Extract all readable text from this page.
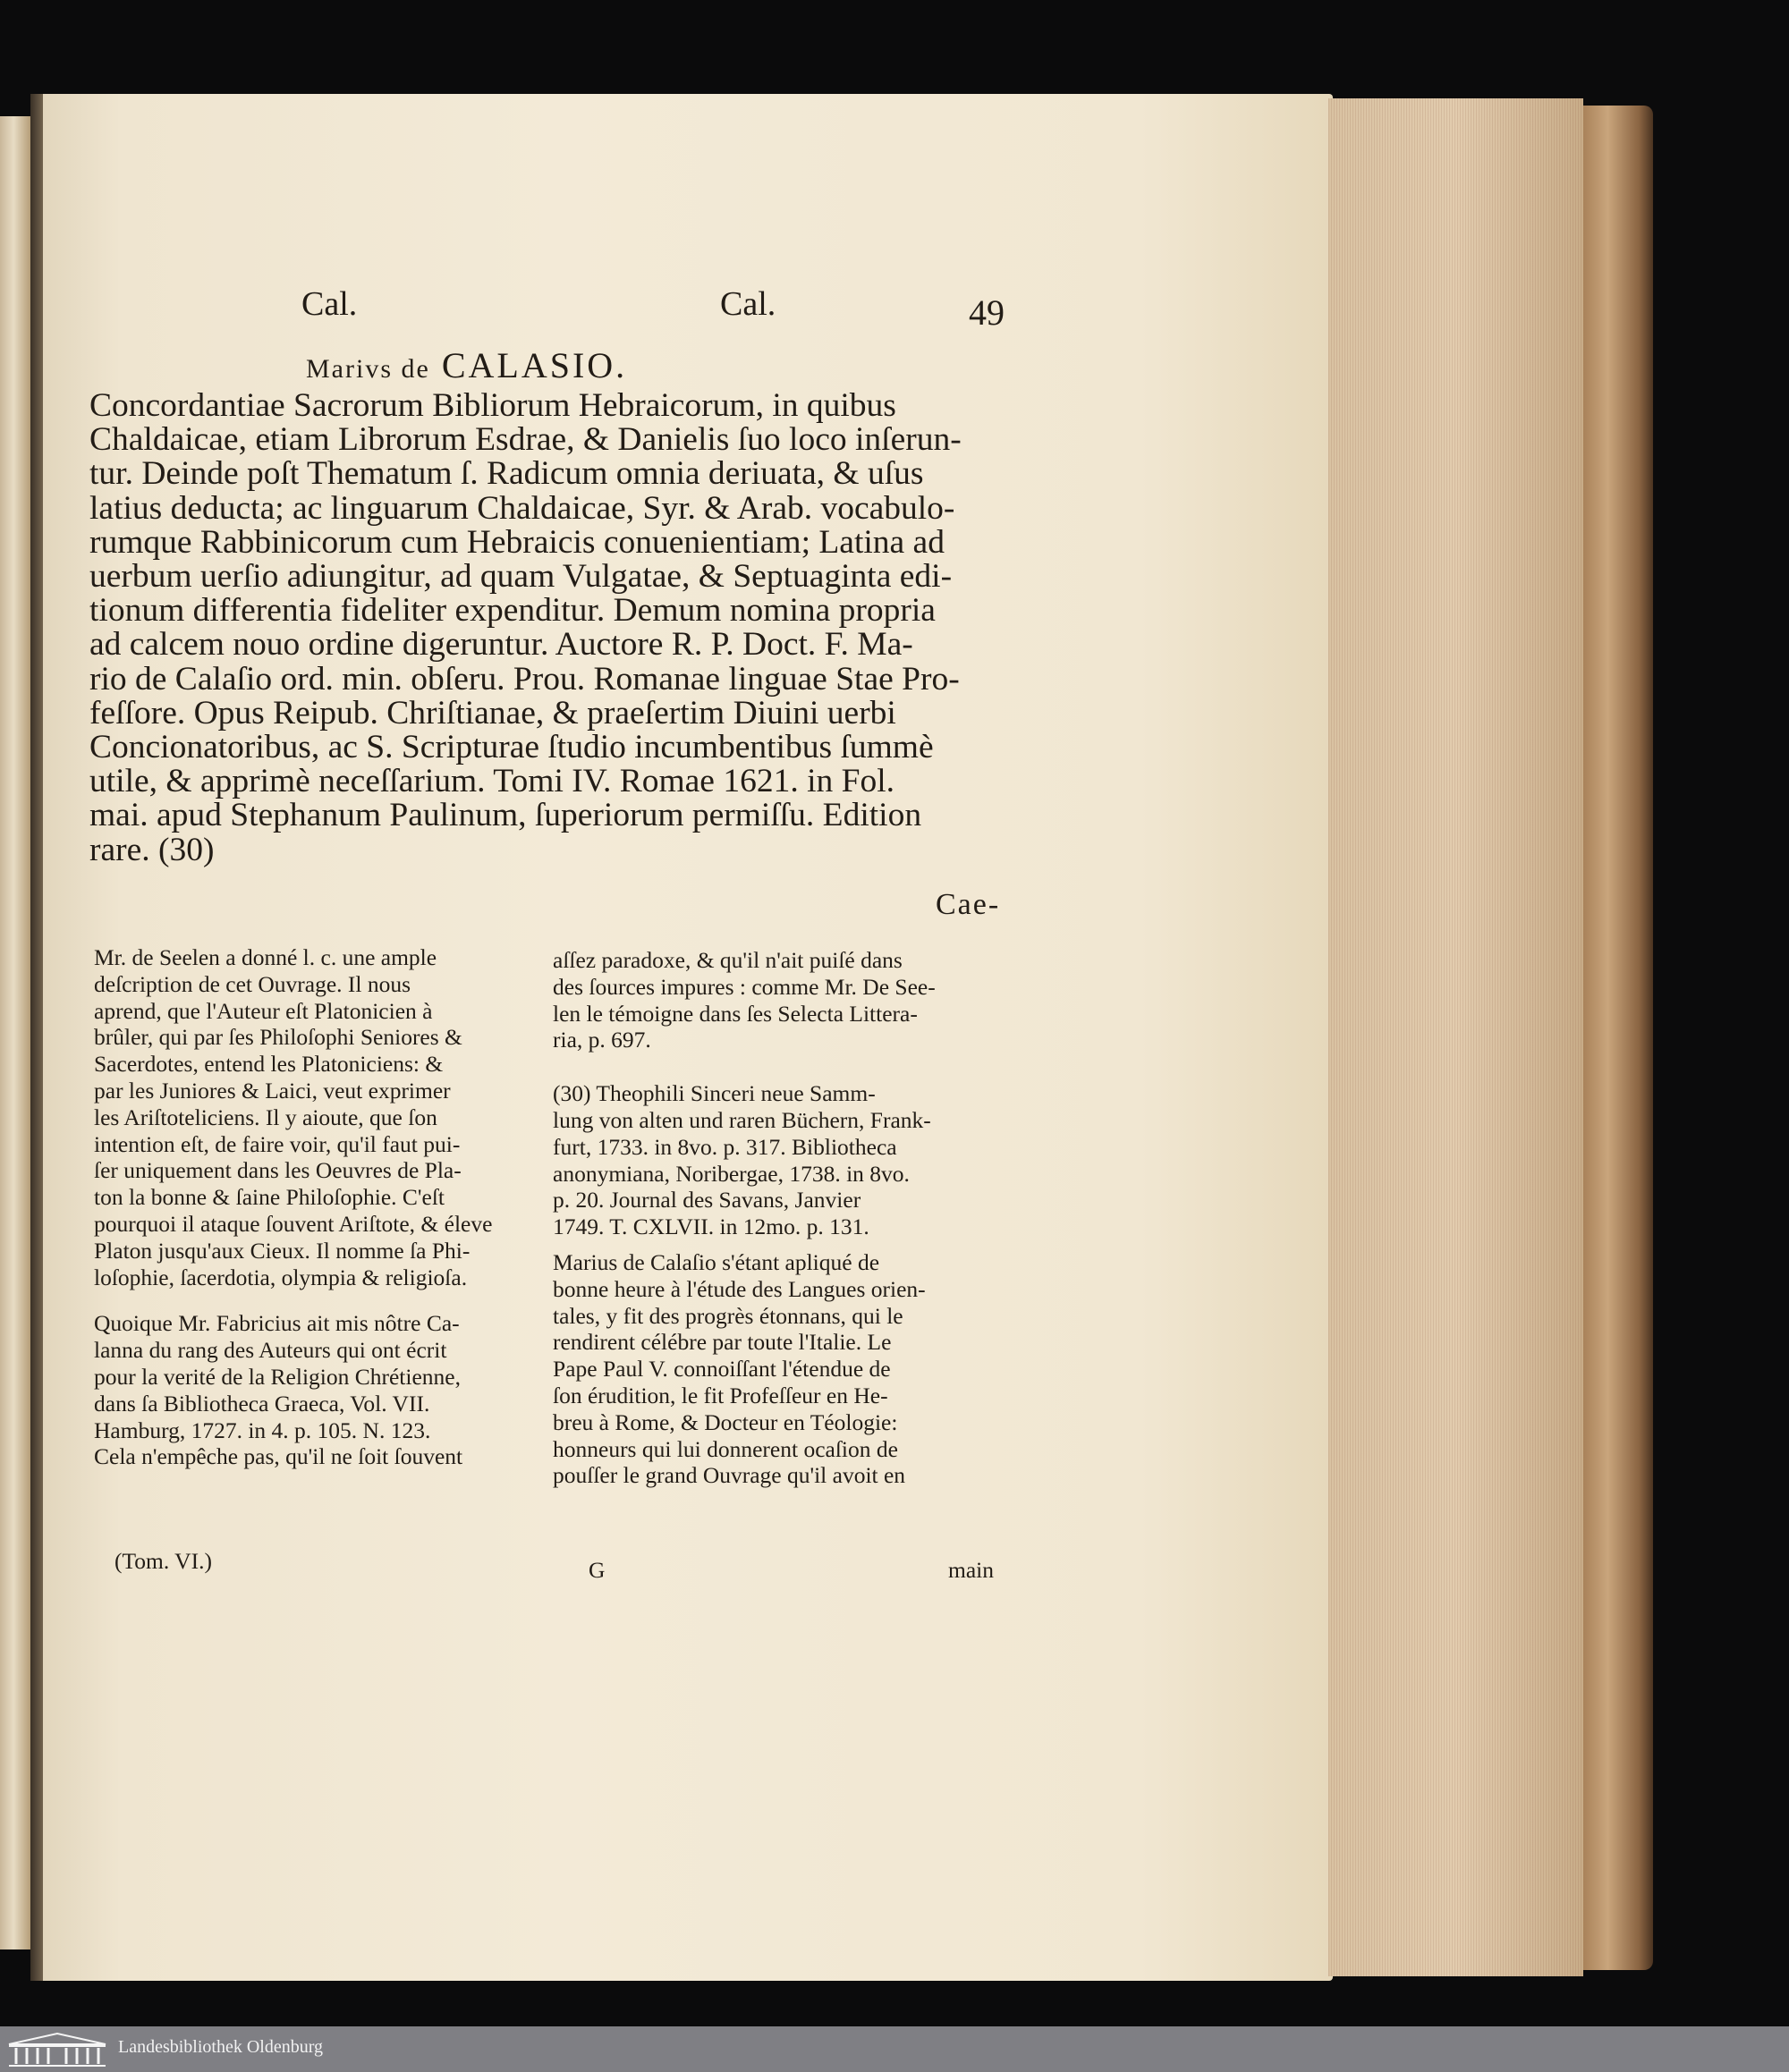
Cal.	Cal.	49
Marivs de CALASIO.
Concordantiae Sacrorum Bibliorum Hebraicorum, in quibus
Chaldaicae, etiam Librorum Esdrae, & Danielis ſuo loco inſerun-
tur. Deinde poſt Thematum ſ. Radicum omnia deriuata, & uſus
latius deducta; ac linguarum Chaldaicae, Syr. & Arab. vocabulo-
rumque Rabbinicorum cum Hebraicis conuenientiam; Latina ad
uerbum uerſio adiungitur, ad quam Vulgatae, & Septuaginta edi-
tionum differentia fideliter expenditur. Demum nomina propria
ad calcem nouo ordine digeruntur. Auctore R. P. Doct. F. Ma-
rio de Calaſio ord. min. obſeru. Prou. Romanae linguae Stae Pro-
feſſore. Opus Reipub. Chriſtianae, & praeſertim Diuini uerbi
Concionatoribus, ac S. Scripturae ſtudio incumbentibus ſummè
utile, & apprimè neceſſarium. Tomi IV. Romae 1621. in Fol.
mai. apud Stephanum Paulinum, ſuperiorum permiſſu. Edition
rare. (30)
Cae-
Mr. de Seelen a donné l. c. une ample
deſcription de cet Ouvrage. Il nous
aprend, que l'Auteur eſt Platonicien à
brûler, qui par ſes Philoſophi Seniores &
Sacerdotes, entend les Platoniciens: &
par les Juniores & Laici, veut exprimer
les Ariſtoteliciens. Il y aioute, que ſon
intention eſt, de faire voir, qu'il faut pui-
ſer uniquement dans les Oeuvres de Pla-
ton la bonne & ſaine Philoſophie. C'eſt
pourquoi il ataque ſouvent Ariſtote, & éleve
Platon jusqu'aux Cieux. Il nomme ſa Phi-
loſophie, ſacerdotia, olympia & religioſa.
Quoique Mr. Fabricius ait mis nôtre Ca-
lanna du rang des Auteurs qui ont écrit
pour la verité de la Religion Chrétienne,
dans ſa Bibliotheca Graeca, Vol. VII.
Hamburg, 1727. in 4. p. 105. N. 123.
Cela n'empêche pas, qu'il ne ſoit ſouvent
aſſez paradoxe, & qu'il n'ait puiſé dans
des ſources impures : comme Mr. De See-
len le témoigne dans ſes Selecta Littera-
ria, p. 697.
(30) Theophili Sinceri neue Samm-
lung von alten und raren Büchern, Frank-
furt, 1733. in 8vo. p. 317. Bibliotheca
anonymiana, Noribergae, 1738. in 8vo.
p. 20. Journal des Savans, Janvier
1749. T. CXLVII. in 12mo. p. 131.
Marius de Calaſio s'étant apliqué de
bonne heure à l'étude des Langues orien-
tales, y fit des progrès étonnans, qui le
rendirent célébre par toute l'Italie. Le
Pape Paul V. connoiſſant l'étendue de
ſon érudition, le fit Profeſſeur en He-
breu à Rome, & Docteur en Téologie:
honneurs qui lui donnerent ocaſion de
pouſſer le grand Ouvrage qu'il avoit en
(Tom. VI.)	G	main
Landesbibliothek Oldenburg
